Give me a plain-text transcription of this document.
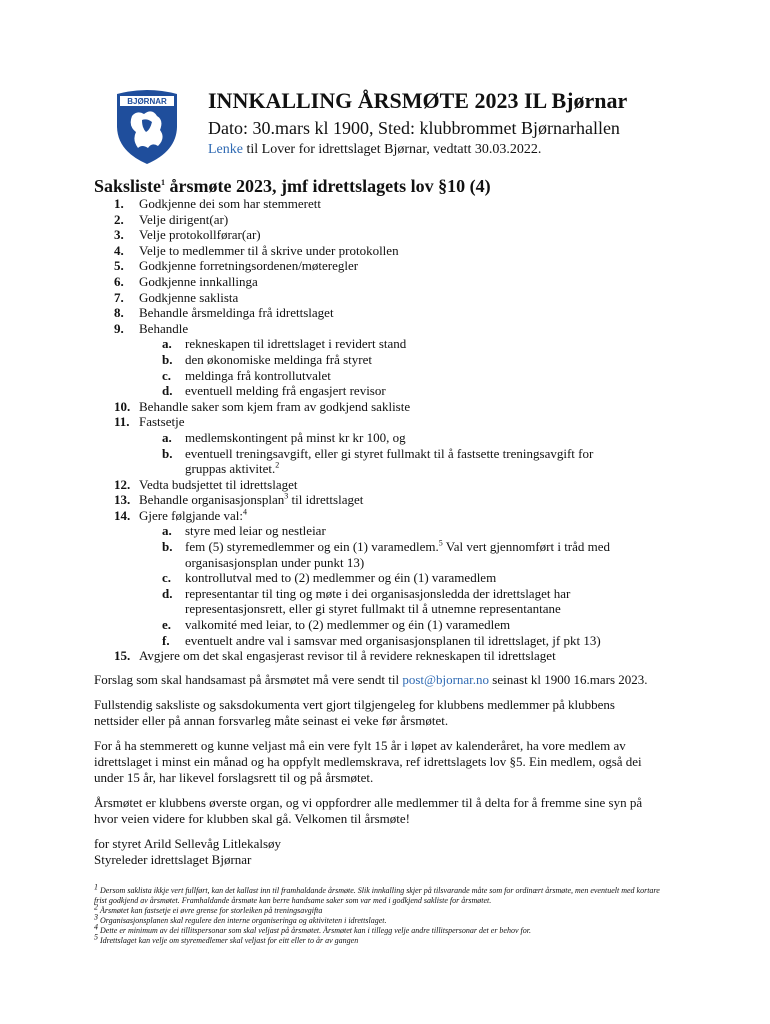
BJØRNAR INNKALLING ÅRSMØTE 2023 IL Bjørnar

Dato: 30.mars kl 1900, Sted: klubbrommet Bjørnarhallen

Lenke til Lover for idrettslaget Bjørnar, vedtatt 30.03.2022.

Saksliste$^1$ årsmøte 2023, jmf idrettslagets lov §10 (4)

1.	Godkjenne dei som har stemmerett
2.	Velje dirigent(ar)
3.	Velje protokollførar(ar)
4.	Velje to medlemmer til å skrive under protokollen
5.	Godkjenne forretningsordenen/møteregler
6.	Godkjenne innkallinga
7.	Godkjenne saklista
8.	Behandle årsmeldinga frå idrettslaget
9.	Behandle
a.	rekneskapen til idrettslaget i revidert stand
b. den økonomiske meldinga frå styret
c.	meldinga frå kontrollutvalet
d. eventuell melding frå engasjert revisor
10. Behandle saker som kjem fram av godkjend sakliste
11. Fastsetje
a.	medlemskontingent på minst kr kr 100, og
b. eventuell treningsavgift, eller gi styret fullmakt til å fastsette treningsavgift for
gruppas aktivitet.$^2$
12. Vedta budsjettet til idrettslaget
13. Behandle organisasjonsplan$^3$ til idrettslaget
14. Gjere følgjande val:$^4$
a.	styre med leiar og nestleiar
b. fem (5) styremedlemmer og ein (1) varamedlem.$^5$ Val vert gjennomført i tråd med
organisasjonsplan under punkt 13)
c.	kontrollutval med to (2) medlemmer og éin (1) varamedlem
d. representantar til ting og møte i dei organisasjonsledda der idrettslaget har
representasjonsrett, eller gi styret fullmakt til å utnemne representantane
e.	valkomité med leiar, to (2) medlemmer og éin (1) varamedlem
f.	eventuelt andre val i samsvar med organisasjonsplanen til idrettslaget, jf pkt 13)
15. Avgjere om det skal engasjerast revisor til å revidere rekneskapen til idrettslaget

Forslag som skal handsamast på årsmøtet må vere sendt til post@bjornar.no seinast kl 1900 16.mars 2023.

Fullstendig saksliste og saksdokumenta vert gjort tilgjengeleg for klubbens medlemmer på klubbens nettsider eller på annan forsvarleg måte seinast ei veke før årsmøtet.

For å ha stemmerett og kunne veljast må ein vere fylt 15 år i løpet av kalenderåret, ha vore medlem av idrettslaget i minst ein månad og ha oppfylt medlemskrava, ref idrettslagets lov §5. Ein medlem, også dei under 15 år, har likevel forslagsrett til og på årsmøtet.

Årsmøtet er klubbens øverste organ, og vi oppfordrer alle medlemmer til å delta for å fremme sine syn på hvor veien videre for klubben skal gå. Velkomen til årsmøte!

for styret Arild Sellevåg Litlekalsøy
Styreleder idrettslaget Bjørnar

$^1$ Dersom saklista ikkje vert fullført, kan det kallast inn til framhaldande årsmøte. Slik innkalling skjer på tilsvarande måte som for ordinært årsmøte, men eventuelt med kortare frist godkjend av årsmøtet. Framhaldande årsmøte kan berre handsame saker som var med i godkjend sakliste for årsmøtet.

$^2$ Årsmøtet kan fastsetje ei øvre grense for storleiken på treningsavgifta

$^3$ Organisasjonsplanen skal regulere den interne organiseringa og aktiviteten i idrettslaget.

$^4$ Dette er minimum av dei tillitspersonar som skal veljast på årsmøtet. Årsmøtet kan i tillegg velje andre tillitspersonar det er behov for.

$^5$ Idrettslaget kan velje om styremedlemer skal veljast for eitt eller to år av gangen
